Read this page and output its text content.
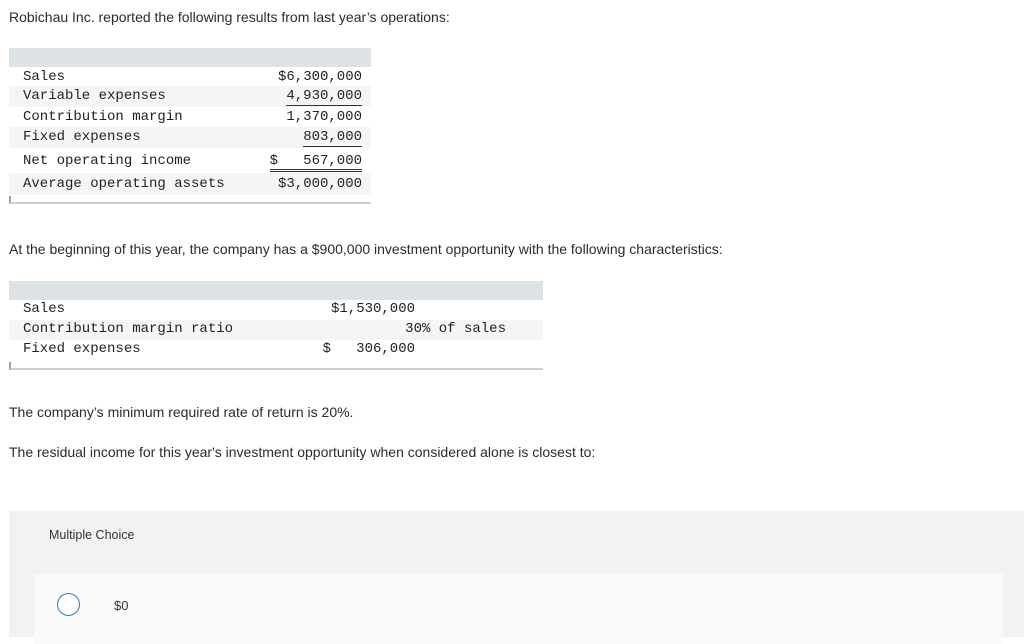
Robichau Inc. reported the following results from last year’s operations:
Sales	$6,300,000
Variable expenses	4,930,000
Contribution margin	1,370,000
Fixed expenses	803,000
Net operating income	$   567,000
Average operating assets	$3,000,000
At the beginning of this year, the company has a $900,000 investment opportunity with the following characteristics:
Sales	$1,530,000
Contribution margin ratio	30% of sales
Fixed expenses	$   306,000
The company’s minimum required rate of return is 20%.
The residual income for this year's investment opportunity when considered alone is closest to:
Multiple Choice
$0
